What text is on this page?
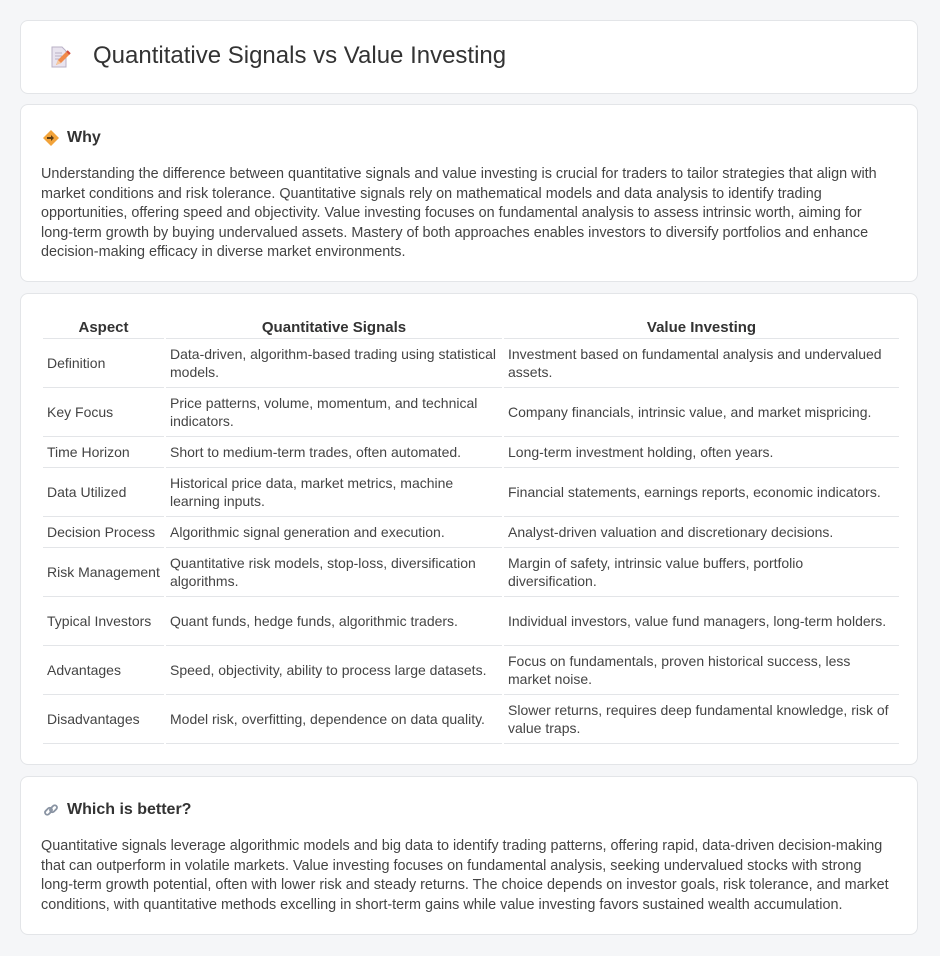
Quantitative Signals vs Value Investing
Why

Understanding the difference between quantitative signals and value investing is crucial for traders to tailor strategies that align with market conditions and risk tolerance. Quantitative signals rely on mathematical models and data analysis to identify trading opportunities, offering speed and objectivity. Value investing focuses on fundamental analysis to assess intrinsic worth, aiming for long-term growth by buying undervalued assets. Mastery of both approaches enables investors to diversify portfolios and enhance decision-making efficacy in diverse market environments.

Aspect	Quantitative Signals	Value Investing
Definition	Data-driven, algorithm-based trading using statistical models.	Investment based on fundamental analysis and undervalued assets.
Key Focus	Price patterns, volume, momentum, and technical indicators.	Company financials, intrinsic value, and market mispricing.
Time Horizon	Short to medium-term trades, often automated.	Long-term investment holding, often years.
Data Utilized	Historical price data, market metrics, machine learning inputs.	Financial statements, earnings reports, economic indicators.
Decision Process	Algorithmic signal generation and execution.	Analyst-driven valuation and discretionary decisions.
Risk Management	Quantitative risk models, stop-loss, diversification algorithms.	Margin of safety, intrinsic value buffers, portfolio diversification.
Typical Investors	Quant funds, hedge funds, algorithmic traders.	Individual investors, value fund managers, long-term holders.
Advantages	Speed, objectivity, ability to process large datasets.	Focus on fundamentals, proven historical success, less market noise.
Disadvantages	Model risk, overfitting, dependence on data quality.	Slower returns, requires deep fundamental knowledge, risk of value traps.
Which is better?

Quantitative signals leverage algorithmic models and big data to identify trading patterns, offering rapid, data-driven decision-making that can outperform in volatile markets. Value investing focuses on fundamental analysis, seeking undervalued stocks with strong long-term growth potential, often with lower risk and steady returns. The choice depends on investor goals, risk tolerance, and market conditions, with quantitative methods excelling in short-term gains while value investing favors sustained wealth accumulation.
